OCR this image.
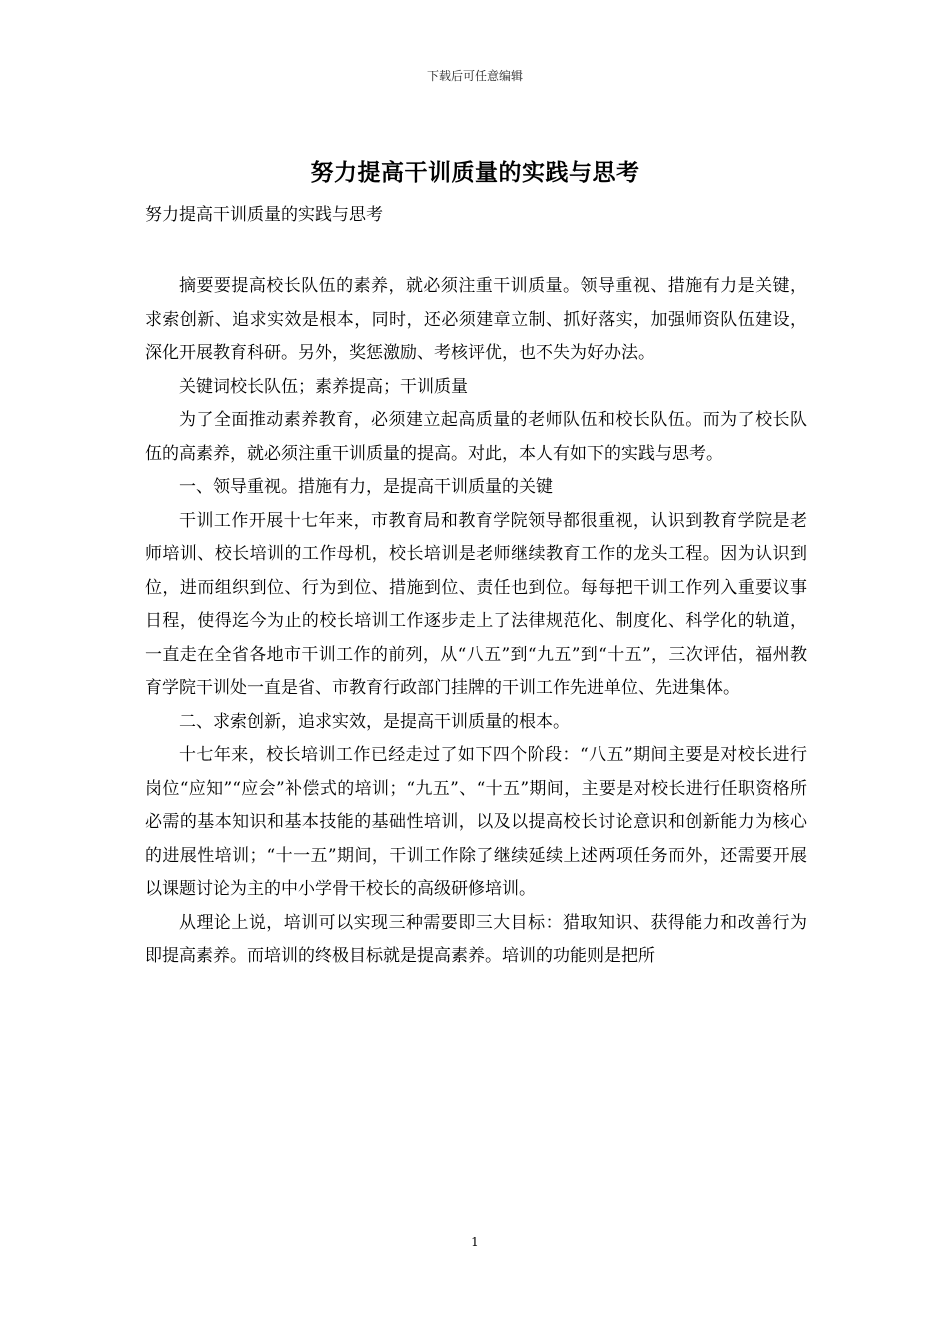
下载后可任意编辑
努力提高干训质量的实践与思考
努力提高干训质量的实践与思考

摘要要提高校长队伍的素养，就必须注重干训质量。领导重视、措施有力是关键，求索创新、追求实效是根本，同时，还必须建章立制、抓好落实，加强师资队伍建设，深化开展教育科研。另外，奖惩激励、考核评优，也不失为好办法。

关键词校长队伍；素养提高；干训质量

为了全面推动素养教育，必须建立起高质量的老师队伍和校长队伍。而为了校长队伍的高素养，就必须注重干训质量的提高。对此，本人有如下的实践与思考。

一、领导重视。措施有力，是提高干训质量的关键

干训工作开展十七年来，市教育局和教育学院领导都很重视，认识到教育学院是老师培训、校长培训的工作母机，校长培训是老师继续教育工作的龙头工程。因为认识到位，进而组织到位、行为到位、措施到位、责任也到位。每每把干训工作列入重要议事日程，使得迄今为止的校长培训工作逐步走上了法律规范化、制度化、科学化的轨道，一直走在全省各地市干训工作的前列，从“八五”到“九五”到“十五”，三次评估，福州教育学院干训处一直是省、市教育行政部门挂牌的干训工作先进单位、先进集体。

二、求索创新，追求实效，是提高干训质量的根本。

十七年来，校长培训工作已经走过了如下四个阶段：“八五”期间主要是对校长进行岗位“应知”“应会”补偿式的培训；“九五”、“十五”期间，主要是对校长进行任职资格所必需的基本知识和基本技能的基础性培训，以及以提高校长讨论意识和创新能力为核心的进展性培训；“十一五”期间，干训工作除了继续延续上述两项任务而外，还需要开展以课题讨论为主的中小学骨干校长的高级研修培训。

从理论上说，培训可以实现三种需要即三大目标：猎取知识、获得能力和改善行为即提高素养。而培训的终极目标就是提高素养。培训的功能则是把所

1
